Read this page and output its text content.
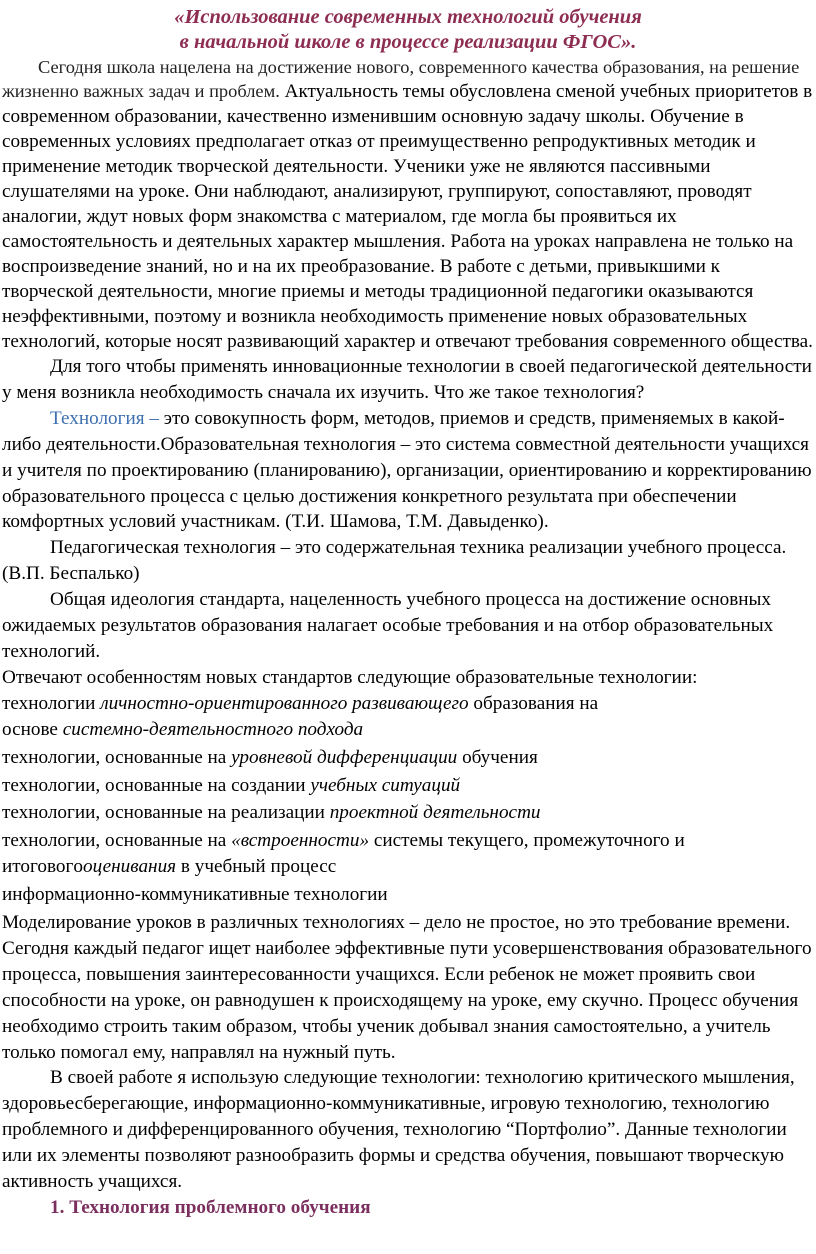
«Использование современных технологий обучения
в начальной школе в процессе реализации ФГОС».

Сегодня школа нацелена на достижение нового, современного качества образования, на решение жизненно важных задач и проблем. Актуальность темы обусловлена сменой учебных приоритетов в современном образовании, качественно изменившим основную задачу школы. Обучение в современных условиях предполагает отказ от преимущественно репродуктивных методик и применение методик творческой деятельности. Ученики уже не являются пассивными слушателями на уроке. Они наблюдают, анализируют, группируют, сопоставляют, проводят аналогии, ждут новых форм знакомства с материалом, где могла бы проявиться их самостоятельность и деятельных характер мышления. Работа на уроках направлена не только на воспроизведение знаний, но и на их преобразование. В работе с детьми, привыкшими к творческой деятельности, многие приемы и методы традиционной педагогики оказываются неэффективными, поэтому и возникла необходимость применение новых образовательных технологий, которые носят развивающий характер и отвечают требования современного общества.

Для того чтобы применять инновационные технологии в своей педагогической деятельности у меня возникла необходимость сначала их изучить. Что же такое технология?

Технология – это совокупность форм, методов, приемов и средств, применяемых в какой-либо деятельности.Образовательная технология – это система совместной деятельности учащихся и учителя по проектированию (планированию), организации, ориентированию и корректированию образовательного процесса с целью достижения конкретного результата при обеспечении комфортных условий участникам. (Т.И. Шамова, Т.М. Давыденко).

Педагогическая технология – это содержательная техника реализации учебного процесса. (В.П. Беспалько)

Общая идеология стандарта, нацеленность учебного процесса на достижение основных ожидаемых результатов образования налагает особые требования и на отбор образовательных технологий.

Отвечают особенностям новых стандартов следующие образовательные технологии:

технологии личностно-ориентированного развивающего образования на
основе системно-деятельностного подхода

технологии, основанные на уровневой дифференциации обучения

технологии, основанные на создании учебных ситуаций

технологии, основанные на реализации проектной деятельности

технологии, основанные на «встроенности» системы текущего, промежуточного и итоговогoоценивания в учебный процесс

информационно-коммуникативные технологии

Моделирование уроков в различных технологиях – дело не простое, но это требование времени. Сегодня каждый педагог ищет наиболее эффективные пути усовершенствования образовательного процесса, повышения заинтересованности учащихся. Если ребенок не может проявить свои способности на уроке, он равнодушен к происходящему на уроке, ему скучно. Процесс обучения необходимо строить таким образом, чтобы ученик добывал знания самостоятельно, а учитель только помогал ему, направлял на нужный путь.

В своей работе я использую следующие технологии: технологию критического мышления, здоровьесберегающие, информационно-коммуникативные, игровую технологию, технологию проблемного и дифференцированного обучения, технологию “Портфолио”. Данные технологии или их элементы позволяют разнообразить формы и средства обучения, повышают творческую активность учащихся.

1. Технология проблемного обучения
